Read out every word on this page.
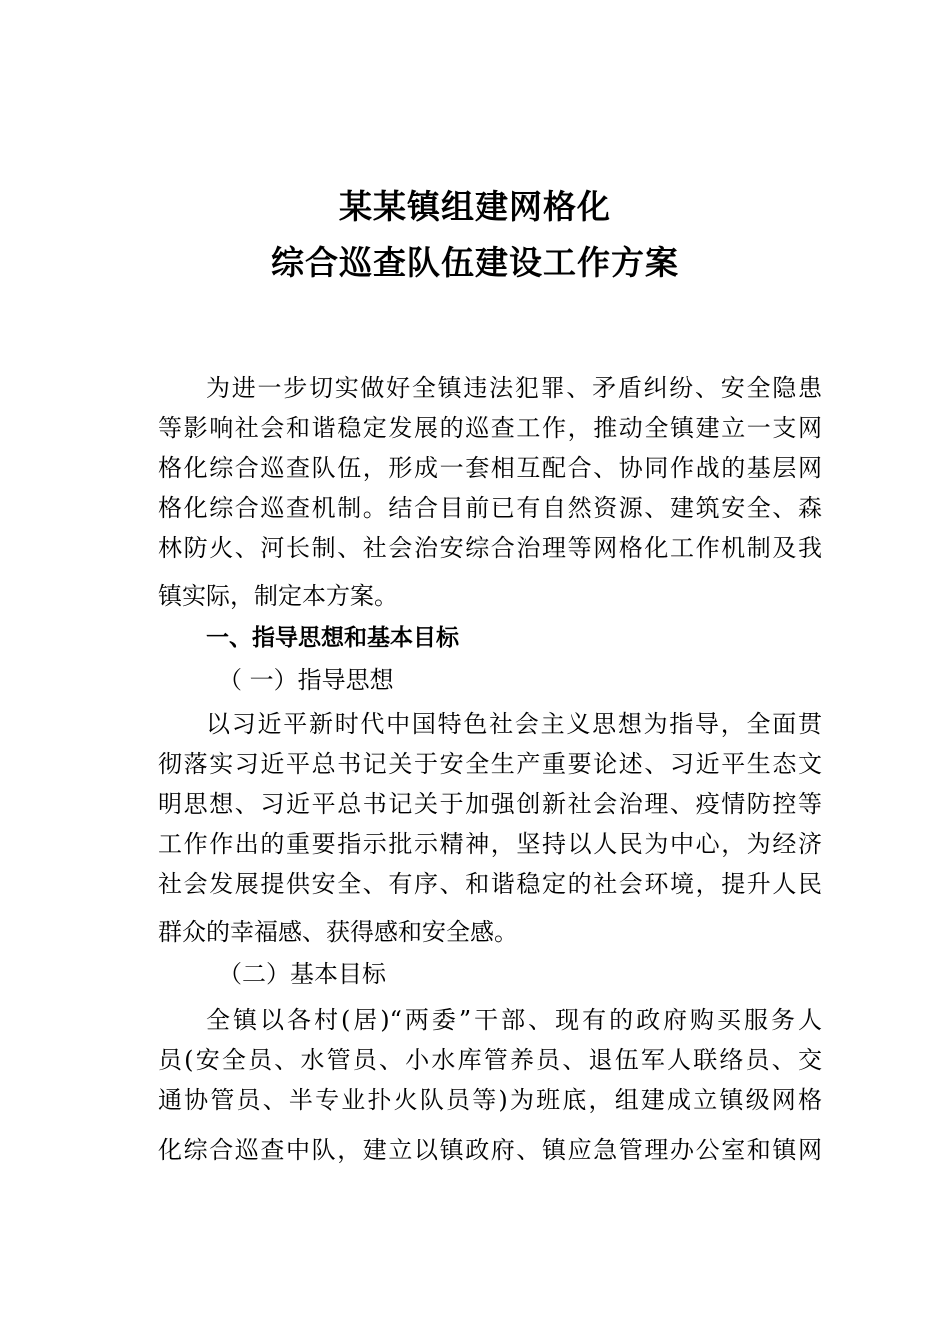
某某镇组建网格化
综合巡查队伍建设工作方案
为进一步切实做好全镇违法犯罪、矛盾纠纷、安全隐患
等影响社会和谐稳定发展的巡查工作，推动全镇建立一支网
格化综合巡查队伍，形成一套相互配合、协同作战的基层网
格化综合巡查机制。结合目前已有自然资源、建筑安全、森
林防火、河长制、社会治安综合治理等网格化工作机制及我
镇实际，制定本方案。
一、指导思想和基本目标
（ 一）指导思想
以习近平新时代中国特色社会主义思想为指导，全面贯
彻落实习近平总书记关于安全生产重要论述、习近平生态文
明思想、习近平总书记关于加强创新社会治理、疫情防控等
工作作出的重要指示批示精神，坚持以人民为中心，为经济
社会发展提供安全、有序、和谐稳定的社会环境，提升人民
群众的幸福感、获得感和安全感。
（二）基本目标
全镇以各村(居)“两委”干部、现有的政府购买服务人
员(安全员、水管员、小水库管养员、退伍军人联络员、交
通协管员、半专业扑火队员等)为班底，组建成立镇级网格
化综合巡查中队，建立以镇政府、镇应急管理办公室和镇网
